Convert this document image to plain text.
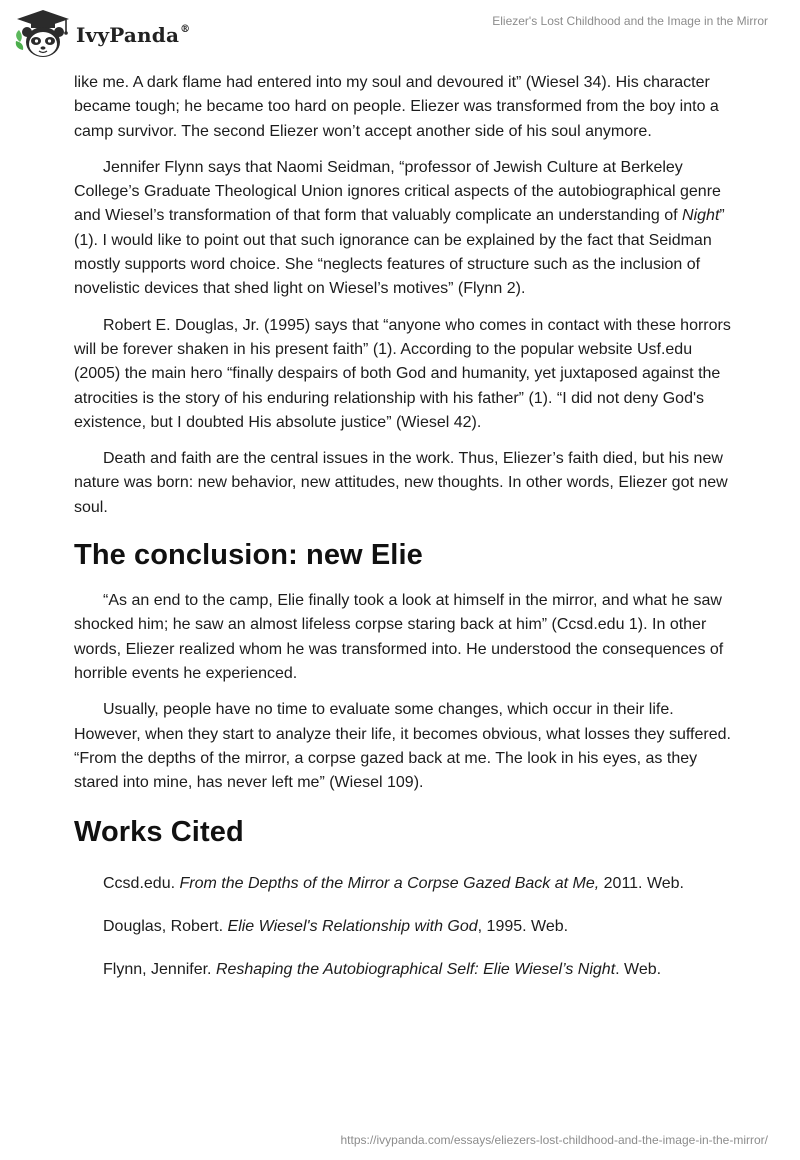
IvyPanda®
Eliezer's Lost Childhood and the Image in the Mirror

like me. A dark flame had entered into my soul and devoured it” (Wiesel 34). His character became tough; he became too hard on people. Eliezer was transformed from the boy into a camp survivor. The second Eliezer won’t accept another side of his soul anymore.

Jennifer Flynn says that Naomi Seidman, “professor of Jewish Culture at Berkeley College’s Graduate Theological Union ignores critical aspects of the autobiographical genre and Wiesel’s transformation of that form that valuably complicate an understanding of Night” (1). I would like to point out that such ignorance can be explained by the fact that Seidman mostly supports word choice. She “neglects features of structure such as the inclusion of novelistic devices that shed light on Wiesel’s motives” (Flynn 2).

Robert E. Douglas, Jr. (1995) says that “anyone who comes in contact with these horrors will be forever shaken in his present faith” (1). According to the popular website Usf.edu (2005) the main hero “finally despairs of both God and humanity, yet juxtaposed against the atrocities is the story of his enduring relationship with his father” (1). “I did not deny God's existence, but I doubted His absolute justice” (Wiesel 42).

Death and faith are the central issues in the work. Thus, Eliezer’s faith died, but his new nature was born: new behavior, new attitudes, new thoughts. In other words, Eliezer got new soul.

The conclusion: new Elie

“As an end to the camp, Elie finally took a look at himself in the mirror, and what he saw shocked him; he saw an almost lifeless corpse staring back at him” (Ccsd.edu 1). In other words, Eliezer realized whom he was transformed into. He understood the consequences of horrible events he experienced.

Usually, people have no time to evaluate some changes, which occur in their life. However, when they start to analyze their life, it becomes obvious, what losses they suffered. “From the depths of the mirror, a corpse gazed back at me. The look in his eyes, as they stared into mine, has never left me” (Wiesel 109).

Works Cited
Ccsd.edu. From the Depths of the Mirror a Corpse Gazed Back at Me, 2011. Web.
Douglas, Robert. Elie Wiesel's Relationship with God, 1995. Web.
Flynn, Jennifer. Reshaping the Autobiographical Self: Elie Wiesel’s Night. Web.
https://ivypanda.com/essays/eliezers-lost-childhood-and-the-image-in-the-mirror/
